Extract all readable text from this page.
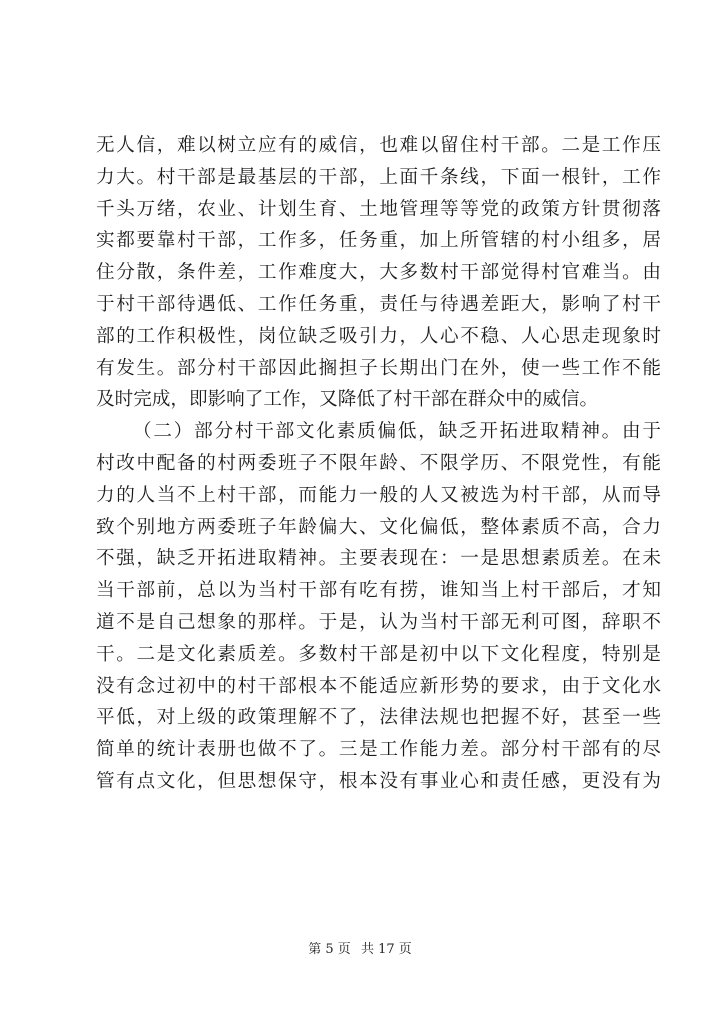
无人信，难以树立应有的威信，也难以留住村干部。二是工作压
力大。村干部是最基层的干部，上面千条线，下面一根针，工作
千头万绪，农业、计划生育、土地管理等等党的政策方针贯彻落
实都要靠村干部，工作多，任务重，加上所管辖的村小组多，居
住分散，条件差，工作难度大，大多数村干部觉得村官难当。由
于村干部待遇低、工作任务重，责任与待遇差距大，影响了村干
部的工作积极性，岗位缺乏吸引力，人心不稳、人心思走现象时
有发生。部分村干部因此搁担子长期出门在外，使一些工作不能
及时完成，即影响了工作，又降低了村干部在群众中的威信。
（二）部分村干部文化素质偏低，缺乏开拓进取精神。由于
村改中配备的村两委班子不限年龄、不限学历、不限党性，有能
力的人当不上村干部，而能力一般的人又被选为村干部，从而导
致个别地方两委班子年龄偏大、文化偏低，整体素质不高，合力
不强，缺乏开拓进取精神。主要表现在：一是思想素质差。在未
当干部前，总以为当村干部有吃有捞，谁知当上村干部后，才知
道不是自己想象的那样。于是，认为当村干部无利可图，辞职不
干。二是文化素质差。多数村干部是初中以下文化程度，特别是
没有念过初中的村干部根本不能适应新形势的要求，由于文化水
平低，对上级的政策理解不了，法律法规也把握不好，甚至一些
简单的统计表册也做不了。三是工作能力差。部分村干部有的尽
管有点文化，但思想保守，根本没有事业心和责任感，更没有为
第 5 页 共 17 页
